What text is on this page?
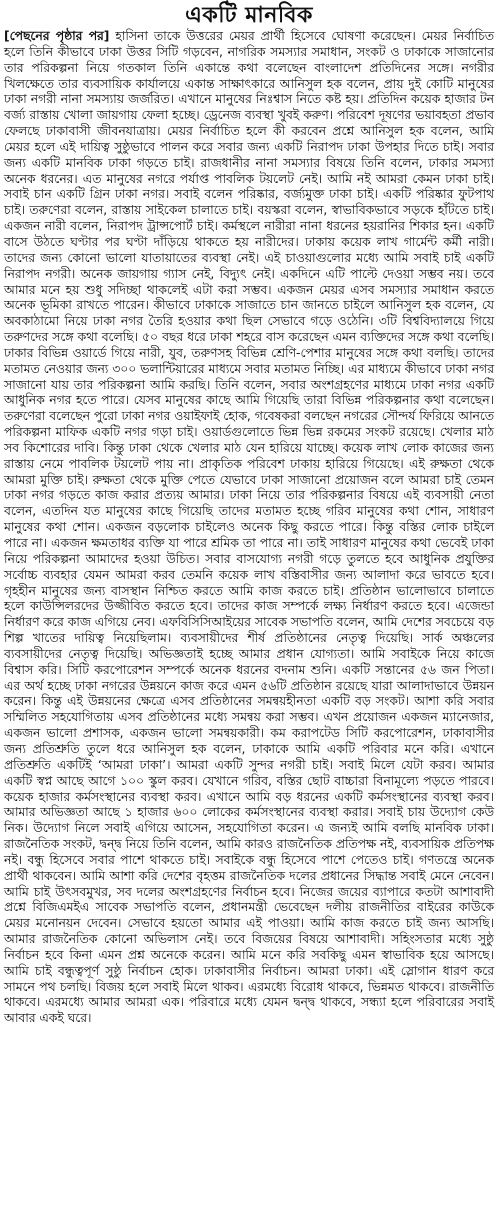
একটি মানবিক

[পেছনের পৃষ্ঠার পর] হাসিনা তাকে উত্তরের মেয়র প্রার্থী হিসেবে ঘোষণা করেছেন। মেয়র নির্বাচিত হলে তিনি কীভাবে ঢাকা উত্তর সিটি গড়বেন, নাগরিক সমস্যার সমাধান, সংকট ও ঢাকাকে সাজানোর তার পরিকল্পনা নিয়ে গতকাল তিনি একান্তে কথা বলেছেন বাংলাদেশ প্রতিদিনের সঙ্গে। নগরীর খিলক্ষেতে তার ব্যবসায়িক কার্যালয়ে একান্ত সাক্ষাৎকারে আনিসুল হক বলেন, প্রায় দুই কোটি মানুষের ঢাকা নগরী নানা সমস্যায় জর্জরিত। এখানে মানুষের নিঃশ্বাস নিতে কষ্ট হয়। প্রতিদিন কয়েক হাজার টন বর্জ্য রাস্তায় খোলা জায়গায় ফেলা হচ্ছে। ড্রেনেজ ব্যবস্থা খুবই করুণ। পরিবেশ দূষণের ভয়াবহতা প্রভাব ফেলছে ঢাকাবাসী জীবনযাত্রায়। মেয়র নির্বাচিত হলে কী করবেন প্রশ্নে আনিসুল হক বলেন, আমি মেয়র হলে এই দায়িত্ব সুষ্ঠুভাবে পালন করে সবার জন্য একটি নিরাপদ ঢাকা উপহার দিতে চাই। সবার জন্য একটি মানবিক ঢাকা গড়তে চাই। রাজধানীর নানা সমস্যার বিষয়ে তিনি বলেন, ঢাকার সমস্যা অনেক ধরনের। এত মানুষের নগরে পর্যাপ্ত পাবলিক টয়লেট নেই। আমি নই আমরা কেমন ঢাকা চাই। সবাই চান একটি গ্রিন ঢাকা নগর। সবাই বলেন পরিষ্কার, বর্জ্যমুক্ত ঢাকা চাই। একটি পরিষ্কার ফুটপাথ চাই। তরুণেরা বলেন, রাস্তায় সাইকেল চালাতে চাই। বয়স্করা বলেন, স্বাভাবিকভাবে সড়কে হাঁটতে চাই। একজন নারী বলেন, নিরাপদ ট্রান্সপোর্ট চাই। কর্মস্থলে নারীরা নানা ধরনের হয়রানির শিকার হন। একটি বাসে উঠতে ঘণ্টার পর ঘণ্টা দাঁড়িয়ে থাকতে হয় নারীদের। ঢাকায় কয়েক লাখ গার্মেন্ট কর্মী নারী। তাদের জন্য কোনো ভালো যাতায়াতের ব্যবস্থা নেই। এই চাওয়াগুলোর মধ্যে আমি সবাই চাই একটি নিরাপদ নগরী। অনেক জায়গায় গ্যাস নেই, বিদ্যুৎ নেই। একদিনে এটি পাল্টে দেওয়া সম্ভব নয়। তবে আমার মনে হয় শুধু সদিচ্ছা থাকলেই এটা করা সম্ভব। একজন মেয়র এসব সমস্যার সমাধান করতে অনেক ভূমিকা রাখতে পারেন। কীভাবে ঢাকাকে সাজাতে চান জানতে চাইলে আনিসুল হক বলেন, যে অবকাঠামো নিয়ে ঢাকা নগর তৈরি হওয়ার কথা ছিল সেভাবে গড়ে ওঠেনি। ৩টি বিশ্ববিদ্যালয়ে গিয়ে তরুণদের সঙ্গে কথা বলেছি। ৫০ বছর ধরে ঢাকা শহরে বাস করেছেন এমন ব্যক্তিদের সঙ্গে কথা বলেছি। ঢাকার বিভিন্ন ওয়ার্ডে গিয়ে নারী, যুব, তরুণসহ বিভিন্ন শ্রেণি-পেশার মানুষের সঙ্গে কথা বলছি। তাদের মতামত নেওয়ার জন্য ৩০০ ভলান্টিয়ারের মাধ্যমে সবার মতামত নিচ্ছি। এর মাধ্যমে কীভাবে ঢাকা নগর সাজানো যায় তার পরিকল্পনা আমি করছি। তিনি বলেন, সবার অংশগ্রহণের মাধ্যমে ঢাকা নগর একটি আধুনিক নগর হতে পারে। যেসব মানুষের কাছে আমি গিয়েছি তারা বিভিন্ন পরিকল্পনার কথা বলেছেন। তরুণেরা বলেছেন পুরো ঢাকা নগর ওয়াইফাই হোক, গবেষকরা বলছেন নগরের সৌন্দর্য ফিরিয়ে আনতে পরিকল্পনা মাফিক একটি নগর গড়া চাই। ওয়ার্ডগুলোতে ভিন্ন ভিন্ন রকমের সংকট রয়েছে। খেলার মাঠ সব কিশোরের দাবি। কিন্তু ঢাকা থেকে খেলার মাঠ যেন হারিয়ে যাচ্ছে। কয়েক লাখ লোক কাজের জন্য রাস্তায় নেমে পাবলিক টয়লেট পায় না। প্রাকৃতিক পরিবেশ ঢাকায় হারিয়ে গিয়েছে। এই রুক্ষতা থেকে আমরা মুক্তি চাই। রুক্ষতা থেকে মুক্তি পেতে যেভাবে ঢাকা সাজানো প্রয়োজন বলে আমরা চাই তেমন ঢাকা নগর গড়তে কাজ করার প্রত্যয় আমার। ঢাকা নিয়ে তার পরিকল্পনার বিষয়ে এই ব্যবসায়ী নেতা বলেন, এতদিন যত মানুষের কাছে গিয়েছি তাদের মতামত হচ্ছে গরিব মানুষের কথা শোন, সাধারণ মানুষের কথা শোন। একজন বড়লোক চাইলেও অনেক কিছু করতে পারে। কিন্তু বস্তির লোক চাইলে পারে না। একজন ক্ষমতাধর ব্যক্তি যা পারে শ্রমিক তা পারে না। তাই সাধারণ মানুষের কথা ভেবেই ঢাকা নিয়ে পরিকল্পনা আমাদের হওয়া উচিত। সবার বাসযোগ্য নগরী গড়ে তুলতে হবে আধুনিক প্রযুক্তির সর্বোচ্চ ব্যবহার যেমন আমরা করব তেমনি কয়েক লাখ বস্তিবাসীর জন্য আলাদা করে ভাবতে হবে। গৃহহীন মানুষের জন্য বাসস্থান নিশ্চিত করতে আমি কাজ করতে চাই। প্রতিষ্ঠান ভালোভাবে চালাতে হলে কাউন্সিলরদের উজ্জীবিত করতে হবে। তাদের কাজ সম্পর্কে লক্ষ্য নির্ধারণ করতে হবে। এজেন্ডা নির্ধারণ করে কাজ এগিয়ে নেব। এফবিসিসিআইয়ের সাবেক সভাপতি বলেন, আমি দেশের সবচেয়ে বড় শিল্প খাতের দায়িত্ব নিয়েছিলাম। ব্যবসায়ীদের শীর্ষ প্রতিষ্ঠানের নেতৃত্ব দিয়েছি। সার্ক অঞ্চলের ব্যবসায়ীদের নেতৃত্ব দিয়েছি। অভিজ্ঞতাই হচ্ছে আমার প্রধান যোগ্যতা। আমি সবাইকে নিয়ে কাজে বিশ্বাস করি। সিটি করপোরেশন সম্পর্কে অনেক ধরনের বদনাম শুনি। একটি সন্তানের ৫৬ জন পিতা। এর অর্থ হচ্ছে ঢাকা নগরের উন্নয়নে কাজ করে এমন ৫৬টি প্রতিষ্ঠান রয়েছে যারা আলাদাভাবে উন্নয়ন করেন। কিন্তু এই উন্নয়নের ক্ষেত্রে এসব প্রতিষ্ঠানের সমন্বয়হীনতা একটি বড় সংকট। আশা করি সবার সম্মিলিত সহযোগিতায় এসব প্রতিষ্ঠানের মধ্যে সমন্বয় করা সম্ভব। এখন প্রয়োজন একজন ম্যানেজার, একজন ভালো প্রশাসক, একজন ভালো সমন্বয়কারী। কম করাপটেড সিটি করপোরেশন, ঢাকাবাসীর জন্য প্রতিশ্রুতি তুলে ধরে আনিসুল হক বলেন, ঢাকাকে আমি একটি পরিবার মনে করি। এখানে প্রতিশ্রুতি একটিই ‘আমরা ঢাকা’। আমরা একটি সুন্দর নগরী চাই। সবাই মিলে যেটা করব। আমার একটি স্বপ্ন আছে আগে ১০০ স্কুল করব। যেখানে গরিব, বস্তির ছোট বাচ্চারা বিনামূল্যে পড়তে পারবে। কয়েক হাজার কর্মসংস্থানের ব্যবস্থা করব। এখানে আমি বড় ধরনের একটি কর্মসংস্থানের ব্যবস্থা করব। আমার অভিজ্ঞতা আছে ১ হাজার ৬০০ লোকের কর্মসংস্থানের ব্যবস্থা করার। সবাই চায় উদ্যোগ কেউ নিক। উদ্যোগ নিলে সবাই এগিয়ে আসেন, সহযোগিতা করেন। এ জন্যই আমি বলছি মানবিক ঢাকা। রাজনৈতিক সংকট, দ্বন্দ্ব নিয়ে তিনি বলেন, আমি কারও রাজনৈতিক প্রতিপক্ষ নই, ব্যবসায়িক প্রতিপক্ষ নই। বন্ধু হিসেবে সবার পাশে থাকতে চাই। সবাইকে বন্ধু হিসেবে পাশে পেতেও চাই। গণতন্ত্রে অনেক প্রার্থী থাকবেন। আমি আশা করি দেশের বৃহত্তম রাজনৈতিক দলের প্রধানের সিদ্ধান্ত সবাই মেনে নেবেন। আমি চাই উৎসবমুখর, সব দলের অংশগ্রহণের নির্বাচন হবে। নিজের জয়ের ব্যাপারে কতটা আশাবাদী প্রশ্নে বিজিএমইএ সাবেক সভাপতি বলেন, প্রধানমন্ত্রী ভেবেছেন দলীয় রাজনীতির বাইরের কাউকে মেয়র মনোনয়ন দেবেন। সেভাবে হয়তো আমার এই পাওয়া। আমি কাজ করতে চাই জন্য আসছি। আমার রাজনৈতিক কোনো অভিলাস নেই। তবে বিজয়ের বিষয়ে আশাবাদী। সহিংসতার মধ্যে সুষ্ঠু নির্বাচন হবে কিনা এমন প্রশ্ন অনেকে করেন। আমি মনে করি সবকিছু এমন স্বাভাবিক হয়ে আসছে। আমি চাই বন্ধুত্বপূর্ণ সুষ্ঠু নির্বাচন হোক। ঢাকাবাসীর নির্বাচন। আমরা ঢাকা। এই স্লোগান ধারণ করে সামনে পথ চলছি। বিজয় হলে সবাই মিলে থাকব। এরমধ্যে বিরোধ থাকবে, ভিন্নমত থাকবে। রাজনীতি থাকবে। এরমধ্যে আমার আমরা এক। পরিবারে মধ্যে যেমন দ্বন্দ্ব থাকবে, সন্ধ্যা হলে পরিবারের সবাই আবার একই ঘরে।
